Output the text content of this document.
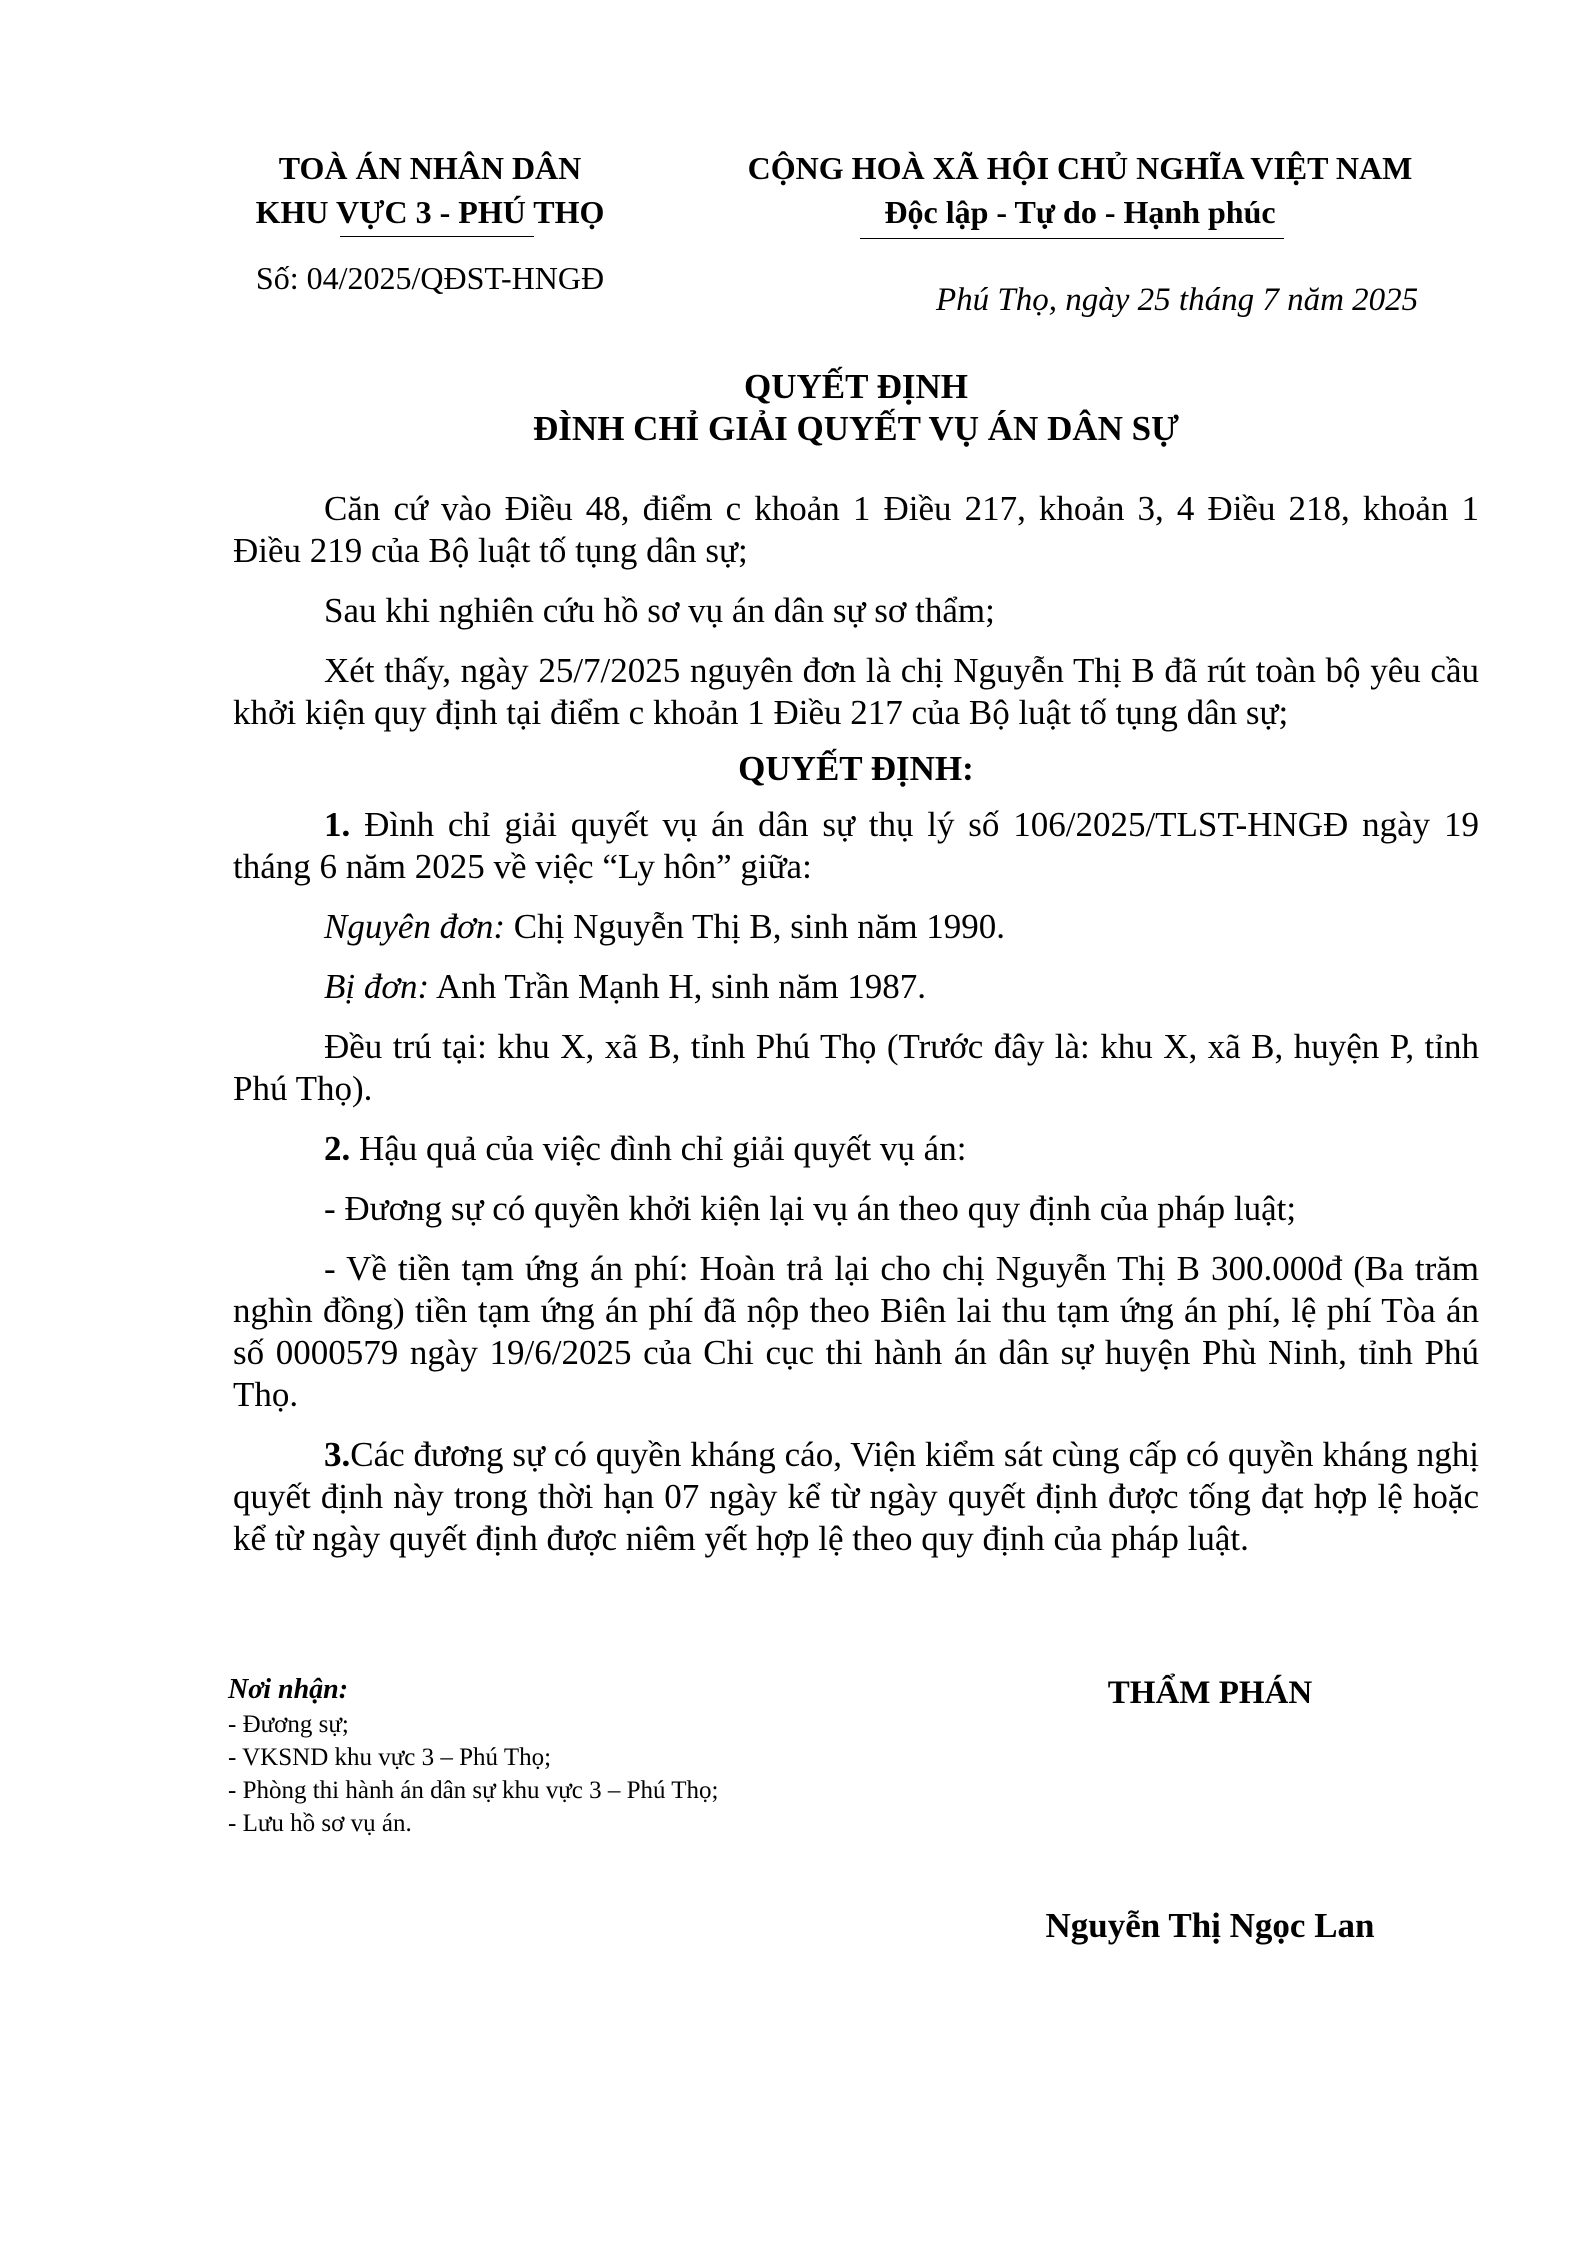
TOÀ ÁN NHÂN DÂN
KHU VỰC 3 - PHÚ THỌ
Số: 04/2025/QĐST-HNGĐ
CỘNG HOÀ XÃ HỘI CHỦ NGHĨA VIỆT NAM
Độc lập - Tự do - Hạnh phúc
Phú Thọ, ngày 25 tháng 7 năm 2025
QUYẾT ĐỊNH
ĐÌNH CHỈ GIẢI QUYẾT VỤ ÁN DÂN SỰ

Căn cứ vào Điều 48, điểm c khoản 1 Điều 217, khoản 3, 4 Điều 218, khoản 1 Điều 219 của Bộ luật tố tụng dân sự;

Sau khi nghiên cứu hồ sơ vụ án dân sự sơ thẩm;

Xét thấy, ngày 25/7/2025 nguyên đơn là chị Nguyễn Thị B đã rút toàn bộ yêu cầu khởi kiện quy định tại điểm c khoản 1 Điều 217 của Bộ luật tố tụng dân sự;

QUYẾT ĐỊNH:

1. Đình chỉ giải quyết vụ án dân sự thụ lý số 106/2025/TLST-HNGĐ ngày 19 tháng 6 năm 2025 về việc “Ly hôn” giữa:

Nguyên đơn: Chị Nguyễn Thị B, sinh năm 1990.

Bị đơn: Anh Trần Mạnh H, sinh năm 1987.

Đều trú tại: khu X, xã B, tỉnh Phú Thọ (Trước đây là: khu X, xã B, huyện P, tỉnh Phú Thọ).

2. Hậu quả của việc đình chỉ giải quyết vụ án:

- Đương sự có quyền khởi kiện lại vụ án theo quy định của pháp luật;

- Về tiền tạm ứng án phí: Hoàn trả lại cho chị Nguyễn Thị B 300.000đ (Ba trăm nghìn đồng) tiền tạm ứng án phí đã nộp theo Biên lai thu tạm ứng án phí, lệ phí Tòa án số 0000579 ngày 19/6/2025 của Chi cục thi hành án dân sự huyện Phù Ninh, tỉnh Phú Thọ.

3.Các đương sự có quyền kháng cáo, Viện kiểm sát cùng cấp có quyền kháng nghị quyết định này trong thời hạn 07 ngày kể từ ngày quyết định được tống đạt hợp lệ hoặc kể từ ngày quyết định được niêm yết hợp lệ theo quy định của pháp luật.

Nơi nhận:
- Đương sự;
- VKSND khu vực 3 – Phú Thọ;
- Phòng thi hành án dân sự khu vực 3 – Phú Thọ;
- Lưu hồ sơ vụ án.
THẨM PHÁN
Nguyễn Thị Ngọc Lan
